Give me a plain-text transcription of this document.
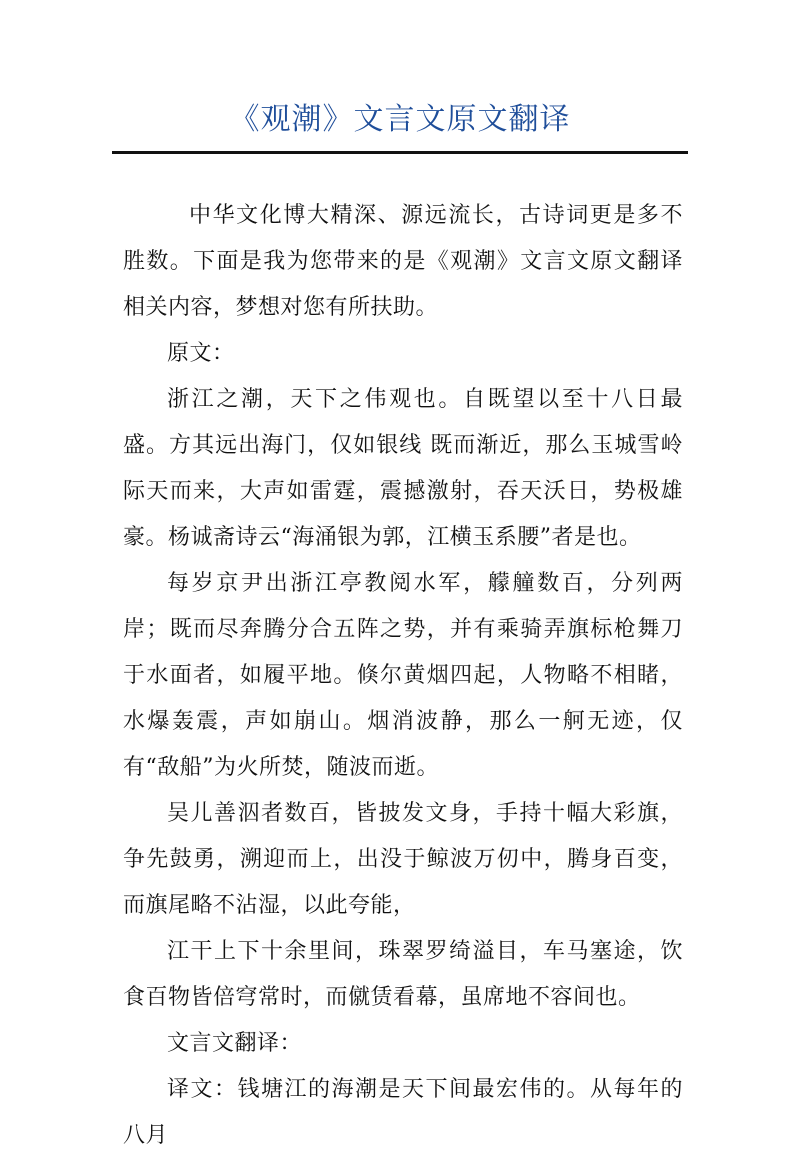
《观潮》文言文原文翻译

中华文化博大精深、源远流长，古诗词更是多不胜数。下面是我为您带来的是《观潮》文言文原文翻译相关内容，梦想对您有所扶助。

原文：

浙江之潮，天下之伟观也。自既望以至十八日最盛。方其远出海门，仅如银线 既而渐近，那么玉城雪岭际天而来，大声如雷霆，震撼激射，吞天沃日，势极雄豪。杨诚斋诗云“海涌银为郭，江横玉系腰”者是也。

每岁京尹出浙江亭教阅水军，艨艟数百，分列两岸；既而尽奔腾分合五阵之势，并有乘骑弄旗标枪舞刀于水面者，如履平地。倏尔黄烟四起，人物略不相睹，水爆轰震，声如崩山。烟消波静，那么一舸无迹，仅有“敌船”为火所焚，随波而逝。

吴儿善泅者数百，皆披发文身，手持十幅大彩旗，争先鼓勇，溯迎而上，出没于鲸波万仞中，腾身百变，而旗尾略不沾湿，以此夸能，

江干上下十余里间，珠翠罗绮溢目，车马塞途，饮食百物皆倍穹常时，而僦赁看幕，虽席地不容间也。

文言文翻译：

译文：钱塘江的海潮是天下间最宏伟的。从每年的八月
